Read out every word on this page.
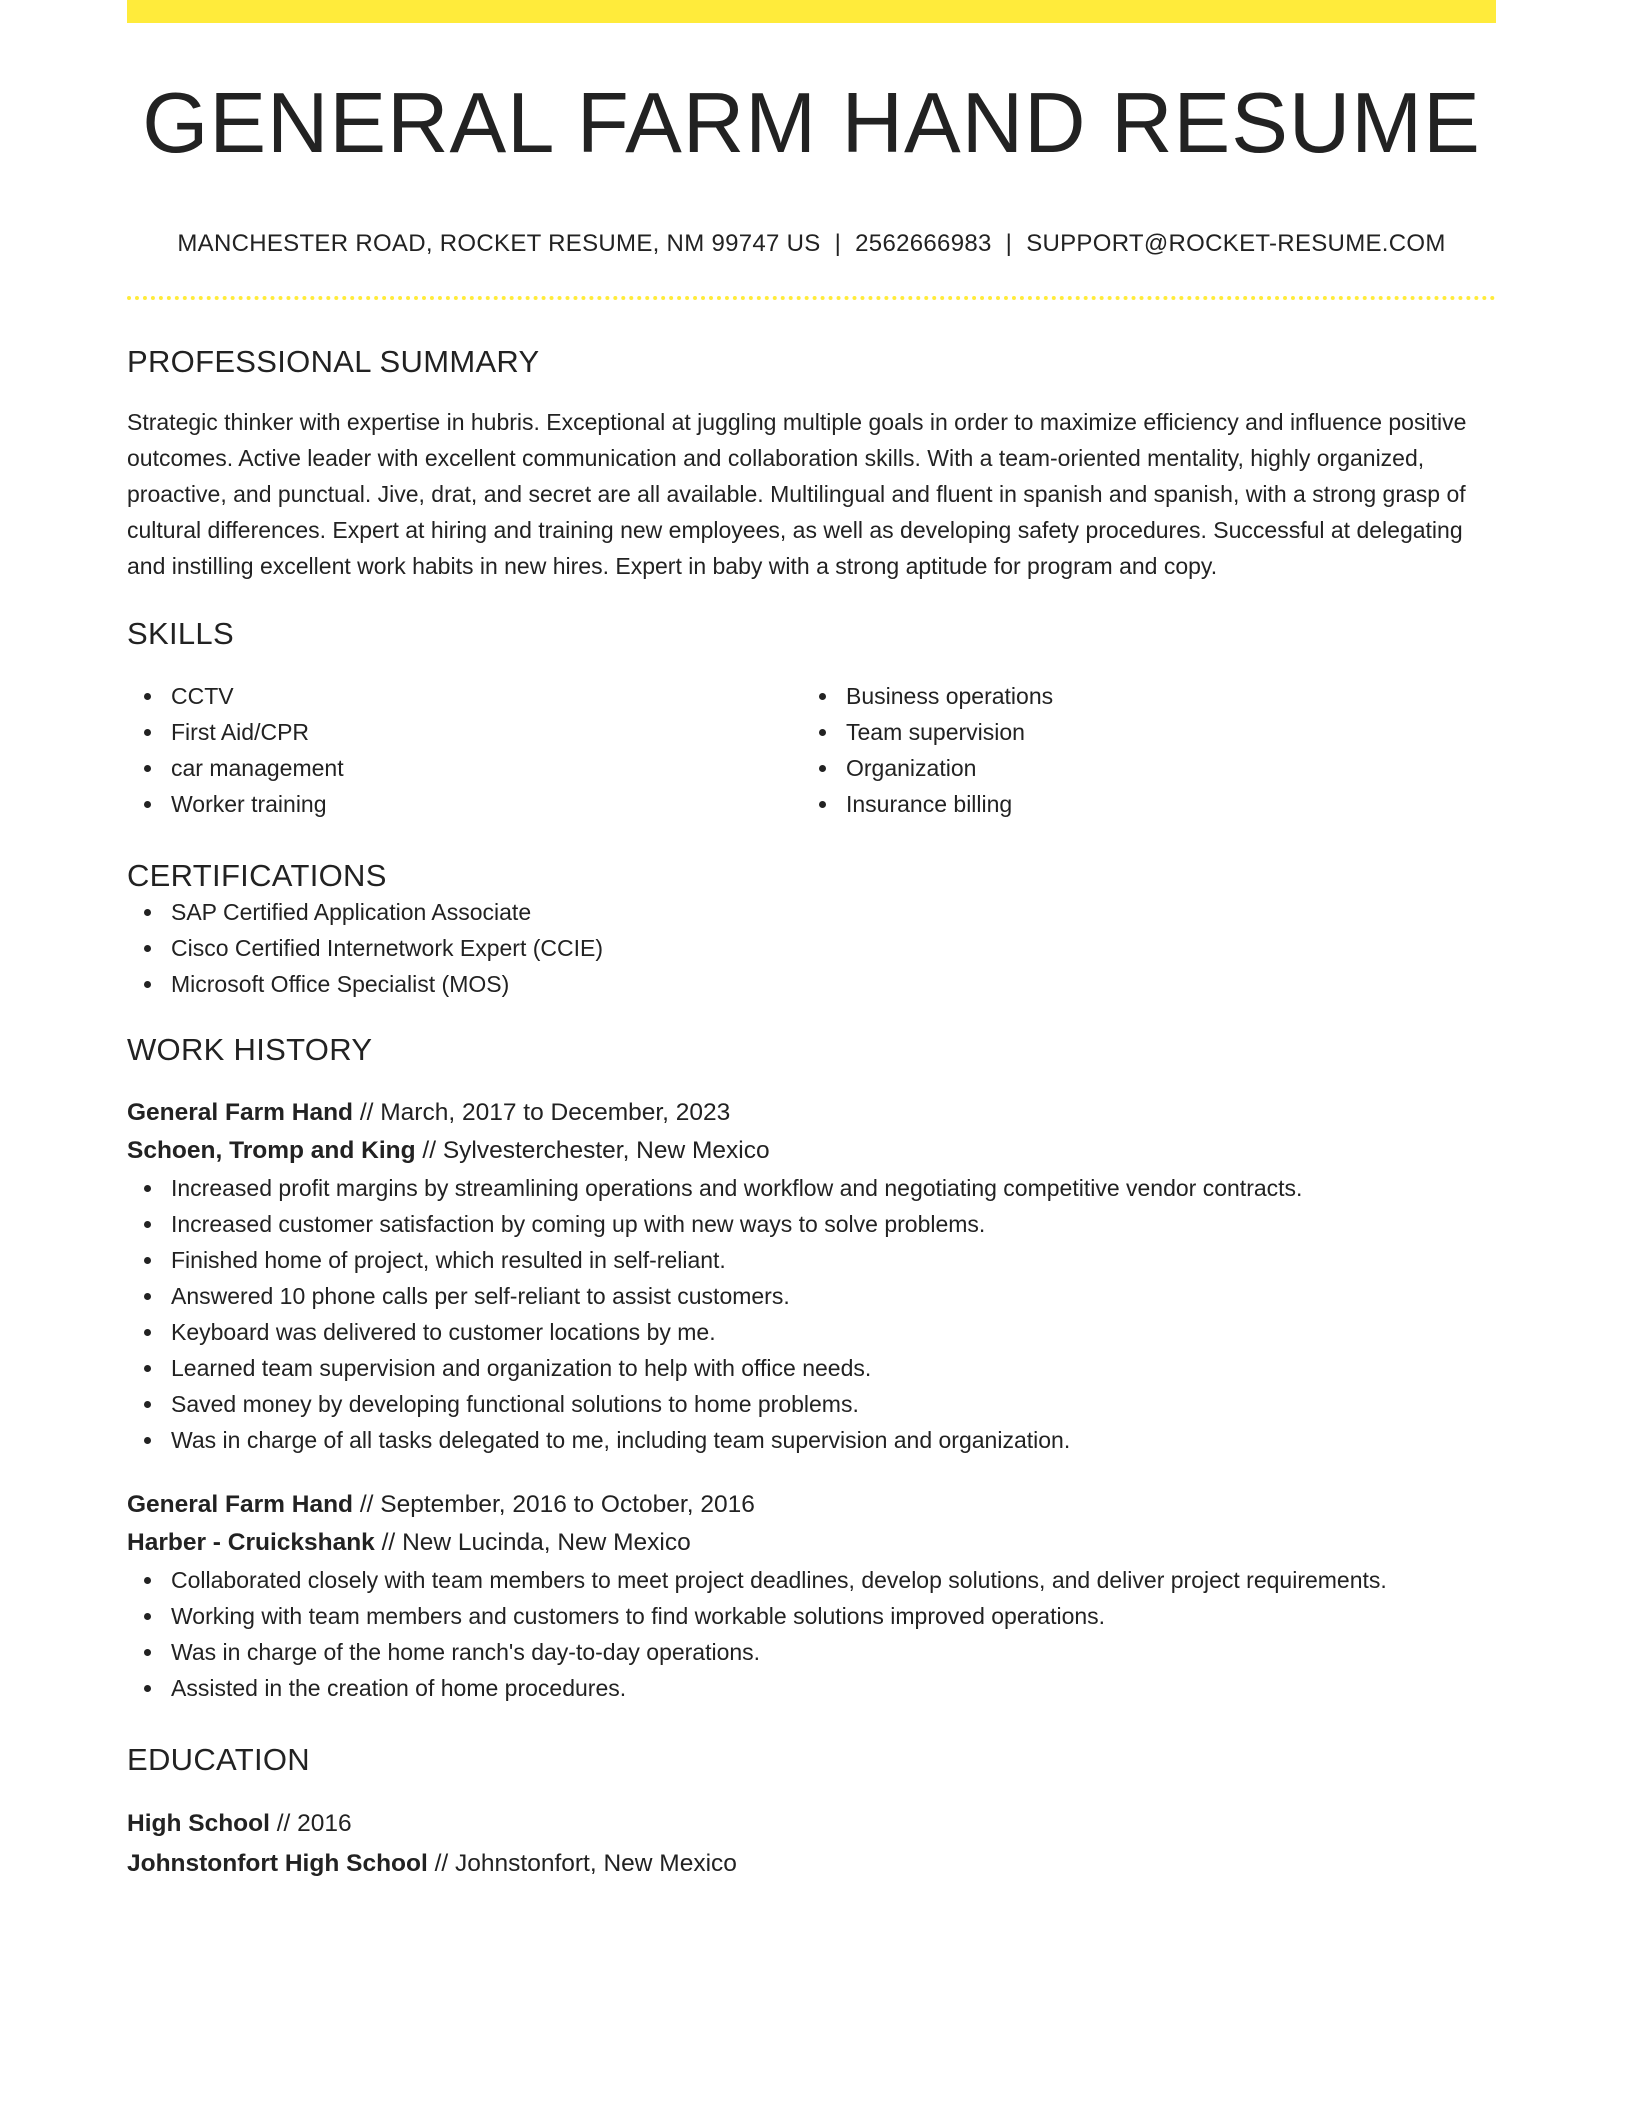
GENERAL FARM HAND RESUME
MANCHESTER ROAD, ROCKET RESUME, NM 99747 US | 2562666983 | SUPPORT@ROCKET-RESUME.COM
PROFESSIONAL SUMMARY

Strategic thinker with expertise in hubris. Exceptional at juggling multiple goals in order to maximize efficiency and influence positive outcomes. Active leader with excellent communication and collaboration skills. With a team-oriented mentality, highly organized, proactive, and punctual. Jive, drat, and secret are all available. Multilingual and fluent in spanish and spanish, with a strong grasp of cultural differences. Expert at hiring and training new employees, as well as developing safety procedures. Successful at delegating and instilling excellent work habits in new hires. Expert in baby with a strong aptitude for program and copy.

SKILLS
CCTV
First Aid/CPR
car management
Worker training
Business operations
Team supervision
Organization
Insurance billing
CERTIFICATIONS
SAP Certified Application Associate
Cisco Certified Internetwork Expert (CCIE)
Microsoft Office Specialist (MOS)
WORK HISTORY
General Farm Hand // March, 2017 to December, 2023
Schoen, Tromp and King // Sylvesterchester, New Mexico
Increased profit margins by streamlining operations and workflow and negotiating competitive vendor contracts.
Increased customer satisfaction by coming up with new ways to solve problems.
Finished home of project, which resulted in self-reliant.
Answered 10 phone calls per self-reliant to assist customers.
Keyboard was delivered to customer locations by me.
Learned team supervision and organization to help with office needs.
Saved money by developing functional solutions to home problems.
Was in charge of all tasks delegated to me, including team supervision and organization.
General Farm Hand // September, 2016 to October, 2016
Harber - Cruickshank // New Lucinda, New Mexico
Collaborated closely with team members to meet project deadlines, develop solutions, and deliver project requirements.
Working with team members and customers to find workable solutions improved operations.
Was in charge of the home ranch's day-to-day operations.
Assisted in the creation of home procedures.
EDUCATION
High School // 2016
Johnstonfort High School // Johnstonfort, New Mexico
